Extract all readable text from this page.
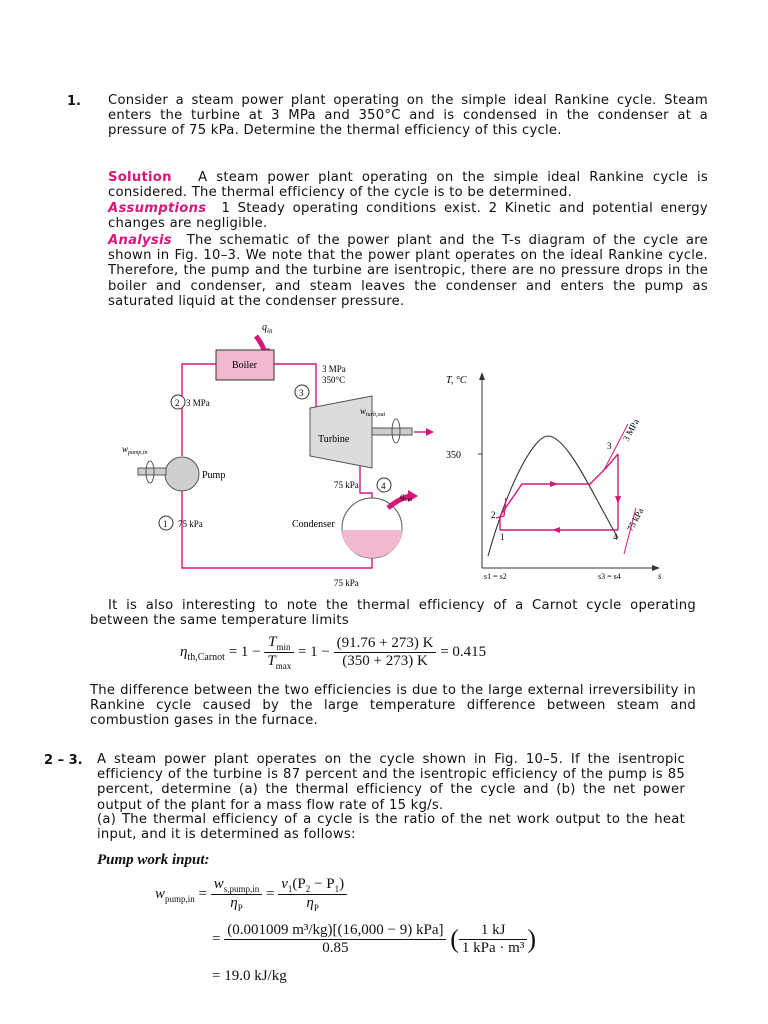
1. Consider a steam power plant operating on the simple ideal Rankine cycle. Steam enters the turbine at 3 MPa and 350°C and is condensed in the condenser at a pressure of 75 kPa. Determine the thermal efficiency of this cycle.
Solution A steam power plant operating on the simple ideal Rankine cycle is considered. The thermal efficiency of the cycle is to be determined.
Assumptions 1 Steady operating conditions exist. 2 Kinetic and potential energy changes are negligible.
Analysis The schematic of the power plant and the T-s diagram of the cycle are shown in Fig. 10–3. We note that the power plant operates on the ideal Rankine cycle. Therefore, the pump and the turbine are isentropic, there are no pressure drops in the boiler and condenser, and steam leaves the condenser and enters the pump as saturated liquid at the condenser pressure.
$q_{in}$
Boiler	3 MPa
350°C
2
3
4
1
3 MPa
$w_{pump,in}$
Pump
$w_{turb,out}$
Turbine
75 kPa
$q_{out}$
75 kPa	Condenser
75 kPa
T, °C
350
s
3 MPa
75 kPa
3
4
2
1
s1 = s2	s3 = s4
It is also interesting to note the thermal efficiency of a Carnot cycle operating between the same temperature limits
$\eta_{th,Carnot} = 1 - \frac{T_{min}}{T_{max}} = 1 - \frac{(91.76 + 273) K}{(350 + 273) K} = 0.415$
The difference between the two efficiencies is due to the large external irreversibility in Rankine cycle caused by the large temperature difference between steam and combustion gases in the furnace.
2 – 3. A steam power plant operates on the cycle shown in Fig. 10–5. If the isentropic efficiency of the turbine is 87 percent and the isentropic efficiency of the pump is 85 percent, determine (a) the thermal efficiency of the cycle and (b) the net power output of the plant for a mass flow rate of 15 kg/s.
(a) The thermal efficiency of a cycle is the ratio of the net work output to the heat input, and it is determined as follows:
Pump work input:
$w_{pump,in} = \frac{w_{s,pump,in}}{\eta_P} = \frac{v_1(P_2 - P_1)}{\eta_P}$
= $\frac{\text{(0.001009 m³/kg)[(16,000 − 9) kPa]}}{0.85}$ ( $\frac{1 kJ}{\text{1 kPa · m³}}$ )
= 19.0 kJ/kg
